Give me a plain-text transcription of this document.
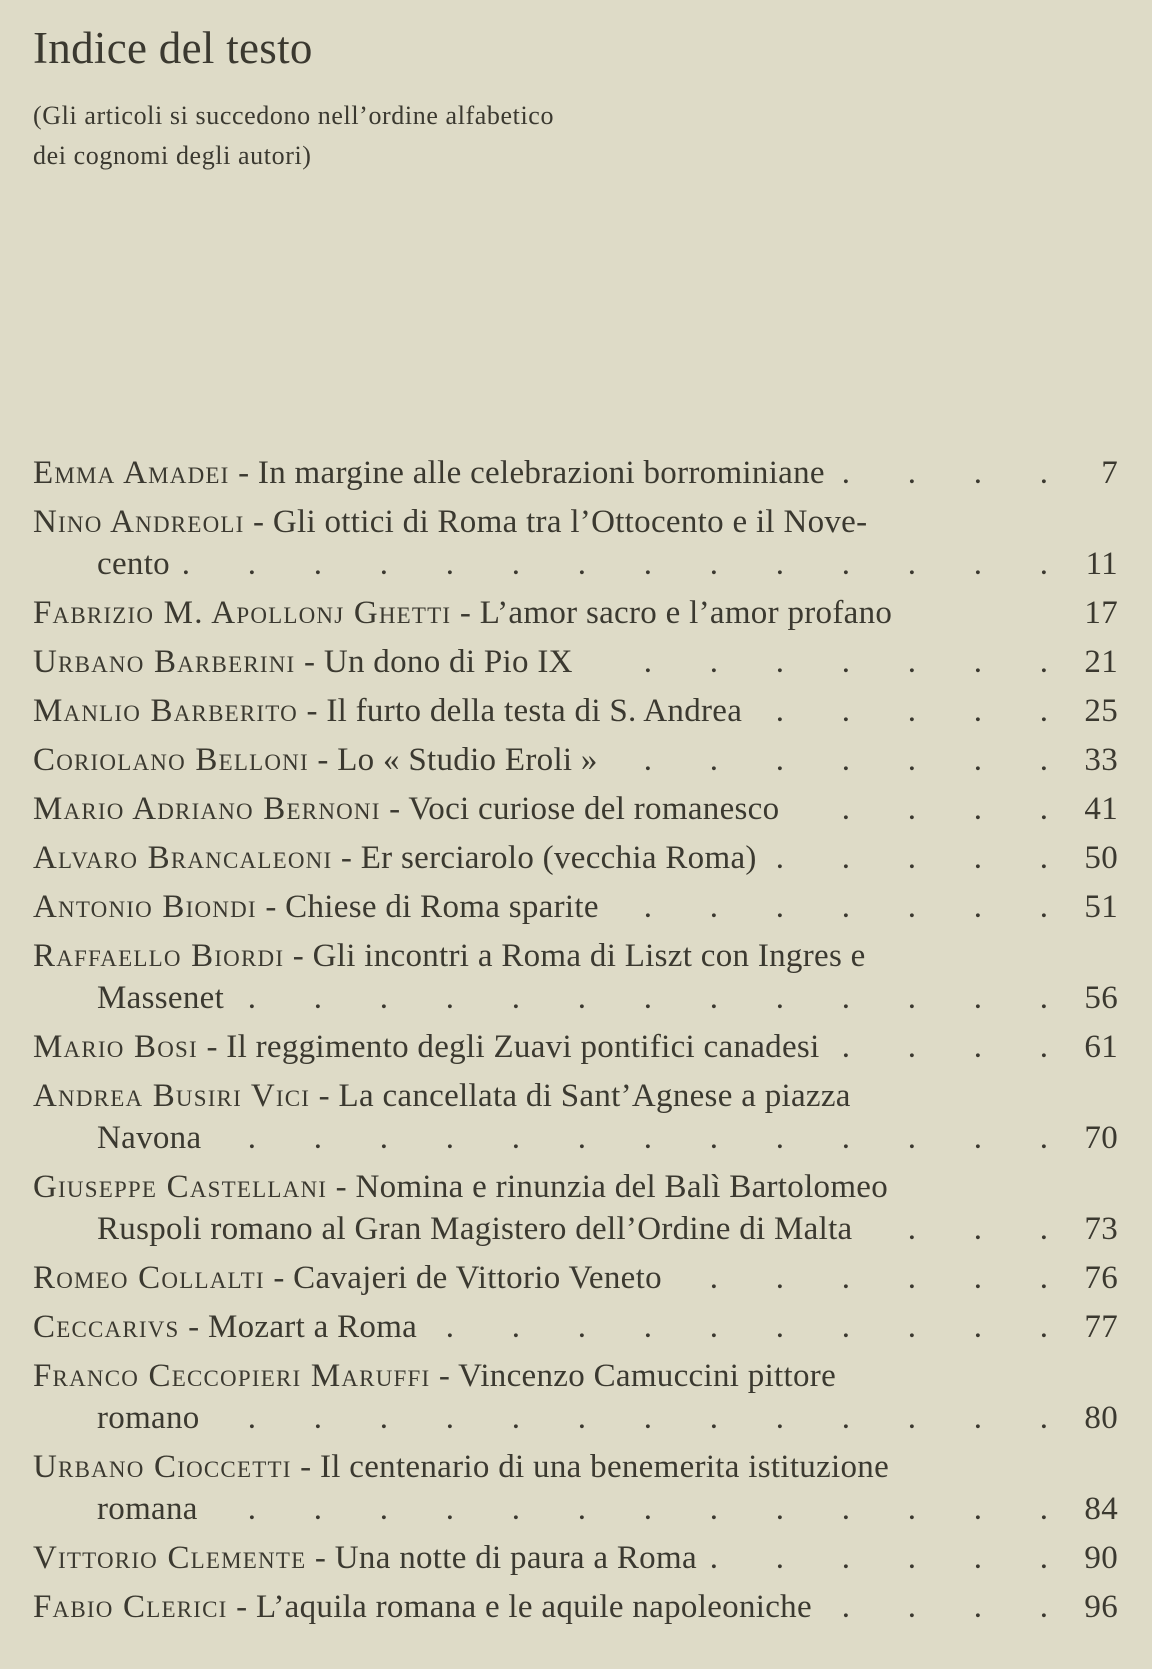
Indice del testo
(Gli articoli si succedono nell’ordine alfabetico
dei cognomi degli autori)
Emma Amadei - In margine alle celebrazioni borrominiane .	7
Nino Andreoli - Gli ottici di Roma tra l’Ottocento e il Nove-
cento .	11
Fabrizio M. Apollonj Ghetti - L’amor sacro e l’amor profano	17
Urbano Barberini - Un dono di Pio IX .	21
Manlio Barberito - Il furto della testa di S. Andrea .	25
Coriolano Belloni - Lo « Studio Eroli » .	33
Mario Adriano Bernoni - Voci curiose del romanesco .	41
Alvaro Brancaleoni - Er serciarolo (vecchia Roma) .	50
Antonio Biondi - Chiese di Roma sparite .	51
Raffaello Biordi - Gli incontri a Roma di Liszt con Ingres e
Massenet .	56
Mario Bosi - Il reggimento degli Zuavi pontifici canadesi .	61
Andrea Busiri Vici - La cancellata di Sant’Agnese a piazza
Navona .	70
Giuseppe Castellani - Nomina e rinunzia del Balì Bartolomeo
Ruspoli romano al Gran Magistero dell’Ordine di Malta .	73
Romeo Collalti - Cavajeri de Vittorio Veneto .	76
Ceccarivs - Mozart a Roma .	77
Franco Ceccopieri Maruffi - Vincenzo Camuccini pittore
romano .	80
Urbano Cioccetti - Il centenario di una benemerita istituzione
romana .	84
Vittorio Clemente - Una notte di paura a Roma .	90
Fabio Clerici - L’aquila romana e le aquile napoleoniche .	96
